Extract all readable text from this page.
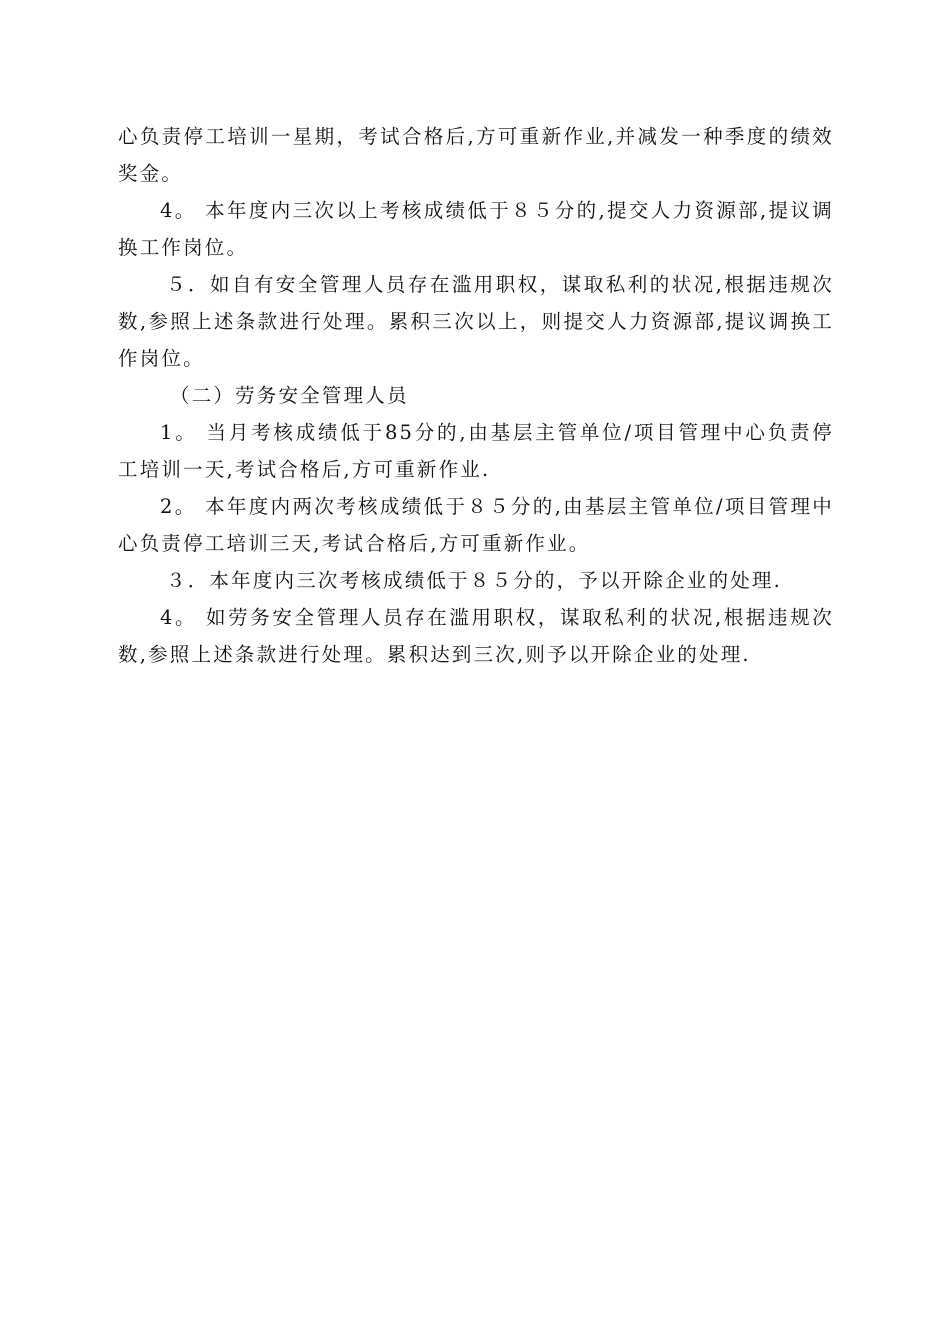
心负责停工培训一星期，考试合格后,方可重新作业,并减发一种季度的绩效奖金。

4。 本年度内三次以上考核成绩低于８５分的,提交人力资源部,提议调换工作岗位。

５．如自有安全管理人员存在滥用职权，谋取私利的状况,根据违规次数,参照上述条款进行处理。累积三次以上，则提交人力资源部,提议调换工作岗位。

（二）劳务安全管理人员

1。 当月考核成绩低于85分的,由基层主管单位/项目管理中心负责停工培训一天,考试合格后,方可重新作业.

2。 本年度内两次考核成绩低于８５分的,由基层主管单位/项目管理中心负责停工培训三天,考试合格后,方可重新作业。

３．本年度内三次考核成绩低于８５分的，予以开除企业的处理.

4。 如劳务安全管理人员存在滥用职权，谋取私利的状况,根据违规次数,参照上述条款进行处理。累积达到三次,则予以开除企业的处理.
